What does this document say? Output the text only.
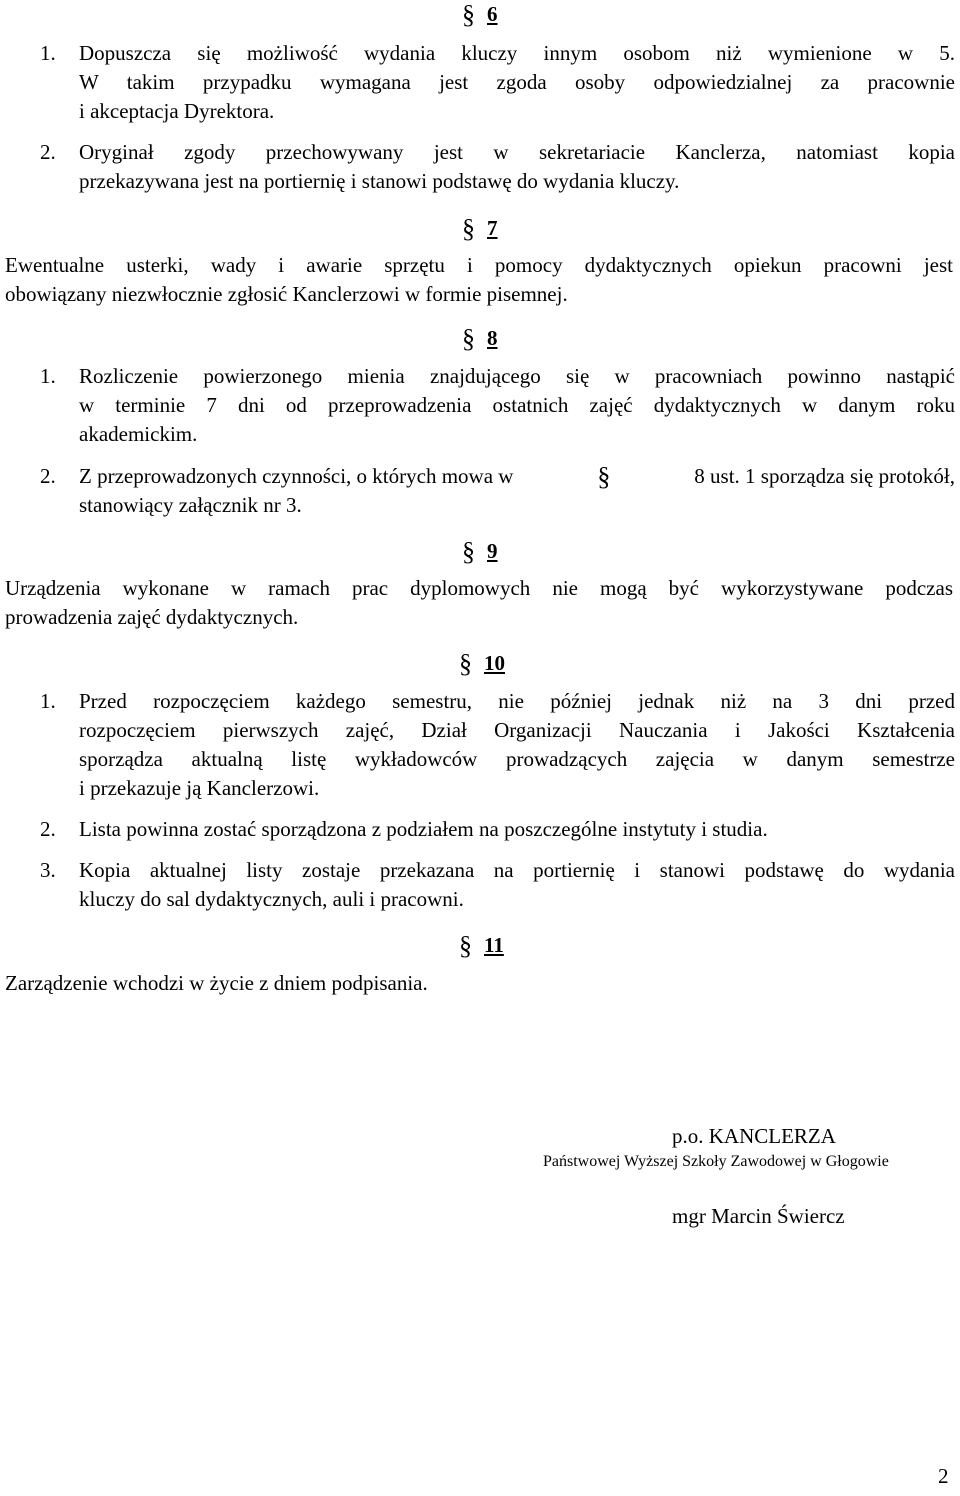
§ 6
1. Dopuszcza się możliwość wydania kluczy innym osobom niż wymienione w 5.
W takim przypadku wymagana jest zgoda osoby odpowiedzialnej za pracownie
i akceptacja Dyrektora.
2. Oryginał zgody przechowywany jest w sekretariacie Kanclerza, natomiast kopia
przekazywana jest na portiernię i stanowi podstawę do wydania kluczy.
§ 7
Ewentualne usterki, wady i awarie sprzętu i pomocy dydaktycznych opiekun pracowni jest
obowiązany niezwłocznie zgłosić Kanclerzowi w formie pisemnej.
§ 8
1. Rozliczenie powierzonego mienia znajdującego się w pracowniach powinno nastąpić
w terminie 7 dni od przeprowadzenia ostatnich zajęć dydaktycznych w danym roku
akademickim.
2. Z przeprowadzonych czynności, o których mowa w	§	8 ust. 1 sporządza się protokół,
stanowiący załącznik nr 3.
§ 9
Urządzenia wykonane w ramach prac dyplomowych nie mogą być wykorzystywane podczas
prowadzenia zajęć dydaktycznych.
§ 10
1. Przed rozpoczęciem każdego semestru, nie później jednak niż na 3 dni przed
rozpoczęciem pierwszych zajęć, Dział Organizacji Nauczania i Jakości Kształcenia
sporządza aktualną listę wykładowców prowadzących zajęcia w danym semestrze
i przekazuje ją Kanclerzowi.
2. Lista powinna zostać sporządzona z podziałem na poszczególne instytuty i studia.
3. Kopia aktualnej listy zostaje przekazana na portiernię i stanowi podstawę do wydania
kluczy do sal dydaktycznych, auli i pracowni.
§ 11
Zarządzenie wchodzi w życie z dniem podpisania.
p.o. KANCLERZA
Państwowej Wyższej Szkoły Zawodowej w Głogowie
mgr Marcin Świercz
2
